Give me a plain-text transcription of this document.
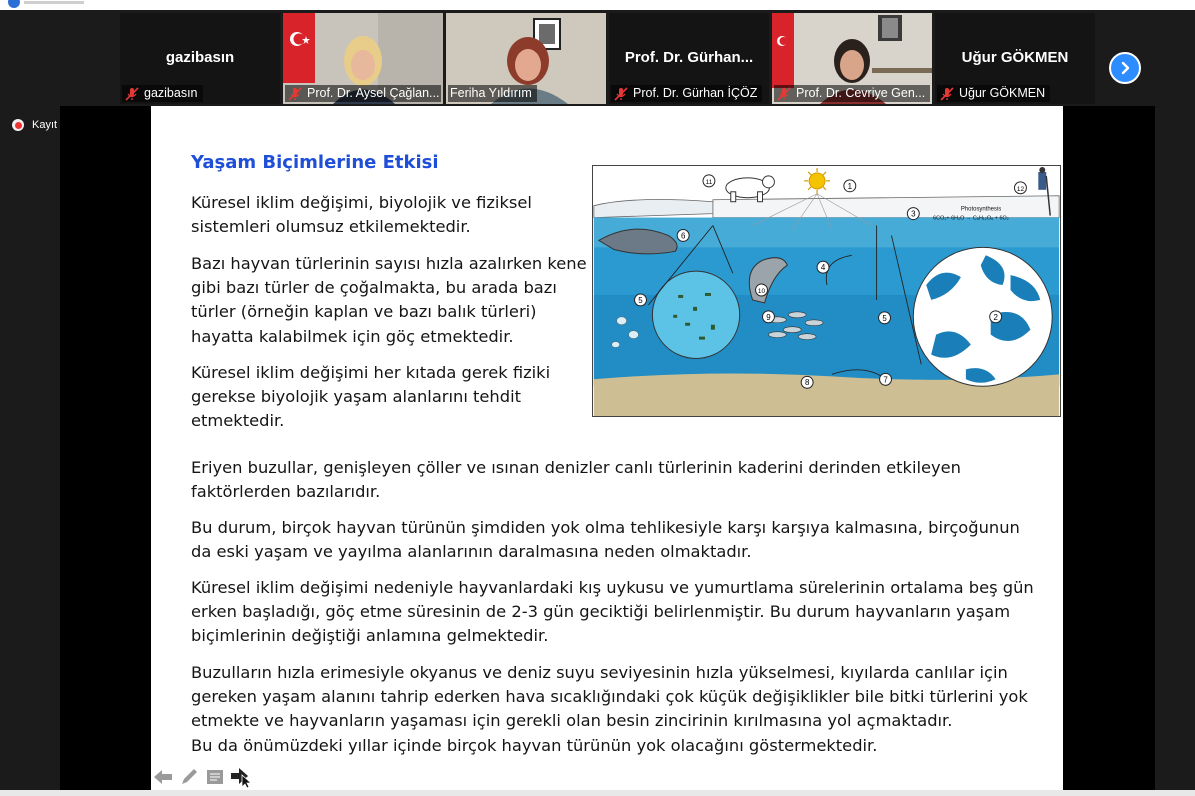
gazibasın
gazibasın	Prof. Dr. Aysel Çağlan... Feriha Yıldırım
Prof. Dr. Gürhan...
Prof. Dr. Gürhan İÇÖZ	Prof. Dr. Cevriye Gen...
Uğur GÖKMEN
Uğur GÖKMEN
Kayıt
Yaşam Biçimlerine Etkisi
Küresel iklim değişimi, biyolojik ve fiziksel sistemleri olumsuz etkilemektedir.
Bazı hayvan türlerinin sayısı hızla azalırken kene gibi bazı türler de çoğalmakta, bu arada bazı türler (örneğin kaplan ve bazı balık türleri) hayatta kalabilmek için göç etmektedir.
Küresel iklim değişimi her kıtada gerek fiziki gerekse biyolojik yaşam alanlarını tehdit etmektedir.
Eriyen buzullar, genişleyen çöller ve ısınan denizler canlı türlerinin kaderini derinden etkileyen faktörlerden bazılarıdır.
Bu durum, birçok hayvan türünün şimdiden yok olma tehlikesiyle karşı karşıya kalmasına, birçoğunun da eski yaşam ve yayılma alanlarının daralmasına neden olmaktadır.
Küresel iklim değişimi nedeniyle hayvanlardaki kış uykusu ve yumurtlama sürelerinin ortalama beş gün erken başladığı, göç etme süresinin de 2-3 gün geciktiği belirlenmiştir. Bu durum hayvanların yaşam biçimlerinin değiştiği anlamına gelmektedir.
Buzulların hızla erimesiyle okyanus ve deniz suyu seviyesinin hızla yükselmesi, kıyılarda canlılar için gereken yaşam alanını tahrip ederken hava sıcaklığındaki çok küçük değişiklikler bile bitki türlerini yok etmekte ve hayvanların yaşaması için gerekli olan besin zincirinin kırılmasına yol açmaktadır.
Bu da önümüzdeki yıllar içinde birçok hayvan türünün yok olacağını göstermektedir.
Photosynthesis
6CO₂+ 6H₂O → C₆H₁₂O₆ + 6O₂
1
2
3
4
5
5
6
7
8
9
10
11
12
